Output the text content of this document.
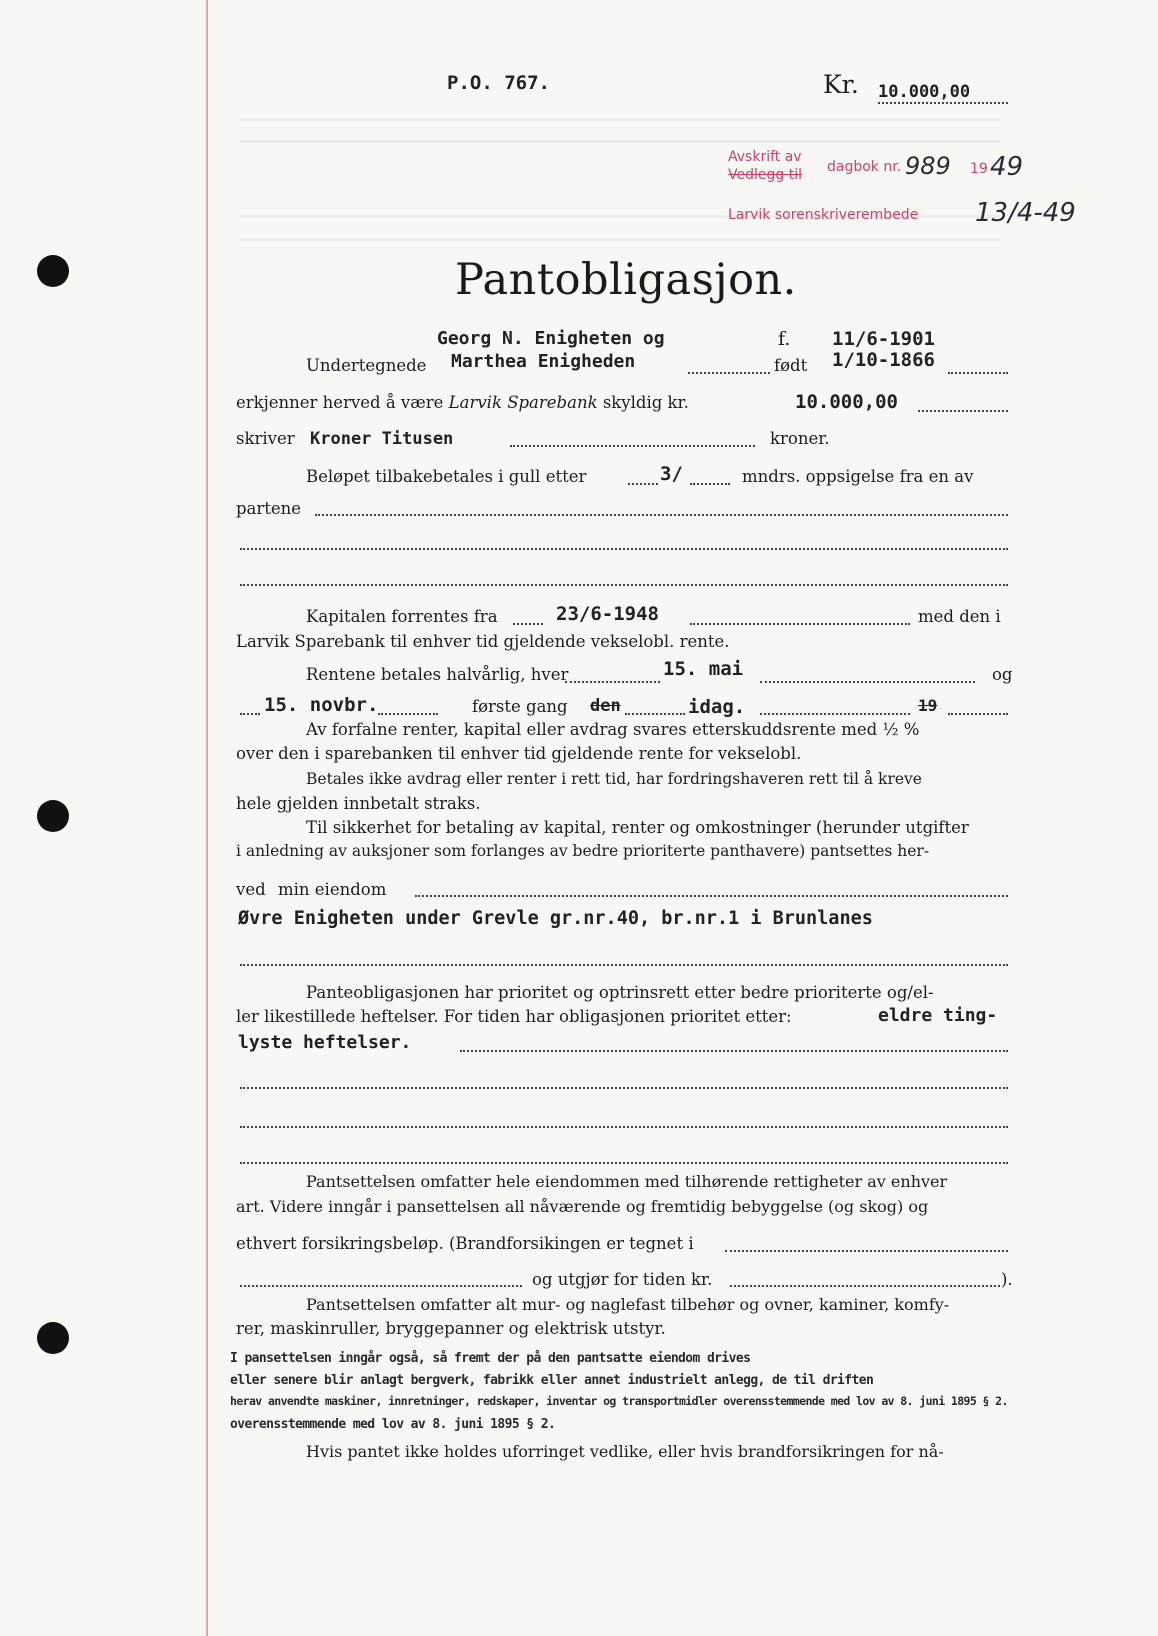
P.O. 767.	Kr. 10.000,00
Avskrift av
Vedlegg til dagbok nr. 989 19 49
Larvik sorenskriverembede 13/4-49
Pantobligasjon.
Georg N. Enigheten og	f. 11/6-1901
Undertegnede Marthea Enigheden	født 1/10-1866
erkjenner herved å være Larvik Sparebank skyldig kr.	10.000,00
skriver Kroner Titusen	kroner.
Beløpet tilbakebetales i gull etter	3/	mndrs. oppsigelse fra en av
partene
Kapitalen forrentes fra	23/6-1948	med den i
Larvik Sparebank til enhver tid gjeldende vekselobl. rente.
Rentene betales halvårlig, hver	15. mai	og
15. novbr.	første gang den	idag.	19
Av forfalne renter, kapital eller avdrag svares etterskuddsrente med ½ %
over den i sparebanken til enhver tid gjeldende rente for vekselobl.
Betales ikke avdrag eller renter i rett tid, har fordringshaveren rett til å kreve
hele gjelden innbetalt straks.
Til sikkerhet for betaling av kapital, renter og omkostninger (herunder utgifter
i anledning av auksjoner som forlanges av bedre prioriterte panthavere) pantsettes her-
ved min eiendom
Øvre Enigheten under Grevle gr.nr.40, br.nr.1 i Brunlanes
Panteobligasjonen har prioritet og optrinsrett etter bedre prioriterte og/el-
ler likestillede heftelser. For tiden har obligasjonen prioritet etter:	eldre ting-
lyste heftelser.
Pantsettelsen omfatter hele eiendommen med tilhørende rettigheter av enhver
art. Videre inngår i pansettelsen all nåværende og fremtidig bebyggelse (og skog) og
ethvert forsikringsbeløp. (Brandforsikingen er tegnet i
og utgjør for tiden kr.	).
Pantsettelsen omfatter alt mur- og naglefast tilbehør og ovner, kaminer, komfy-
rer, maskinruller, bryggepanner og elektrisk utstyr.
I pansettelsen inngår også, så fremt der på den pantsatte eiendom drives
eller senere blir anlagt bergverk, fabrikk eller annet industrielt anlegg, de til driften
herav anvendte maskiner, innretninger, redskaper, inventar og transportmidler overensstemmende med lov av 8. juni 1895 § 2.
overensstemmende med lov av 8. juni 1895 § 2.
Hvis pantet ikke holdes uforringet vedlike, eller hvis brandforsikringen for nå-
